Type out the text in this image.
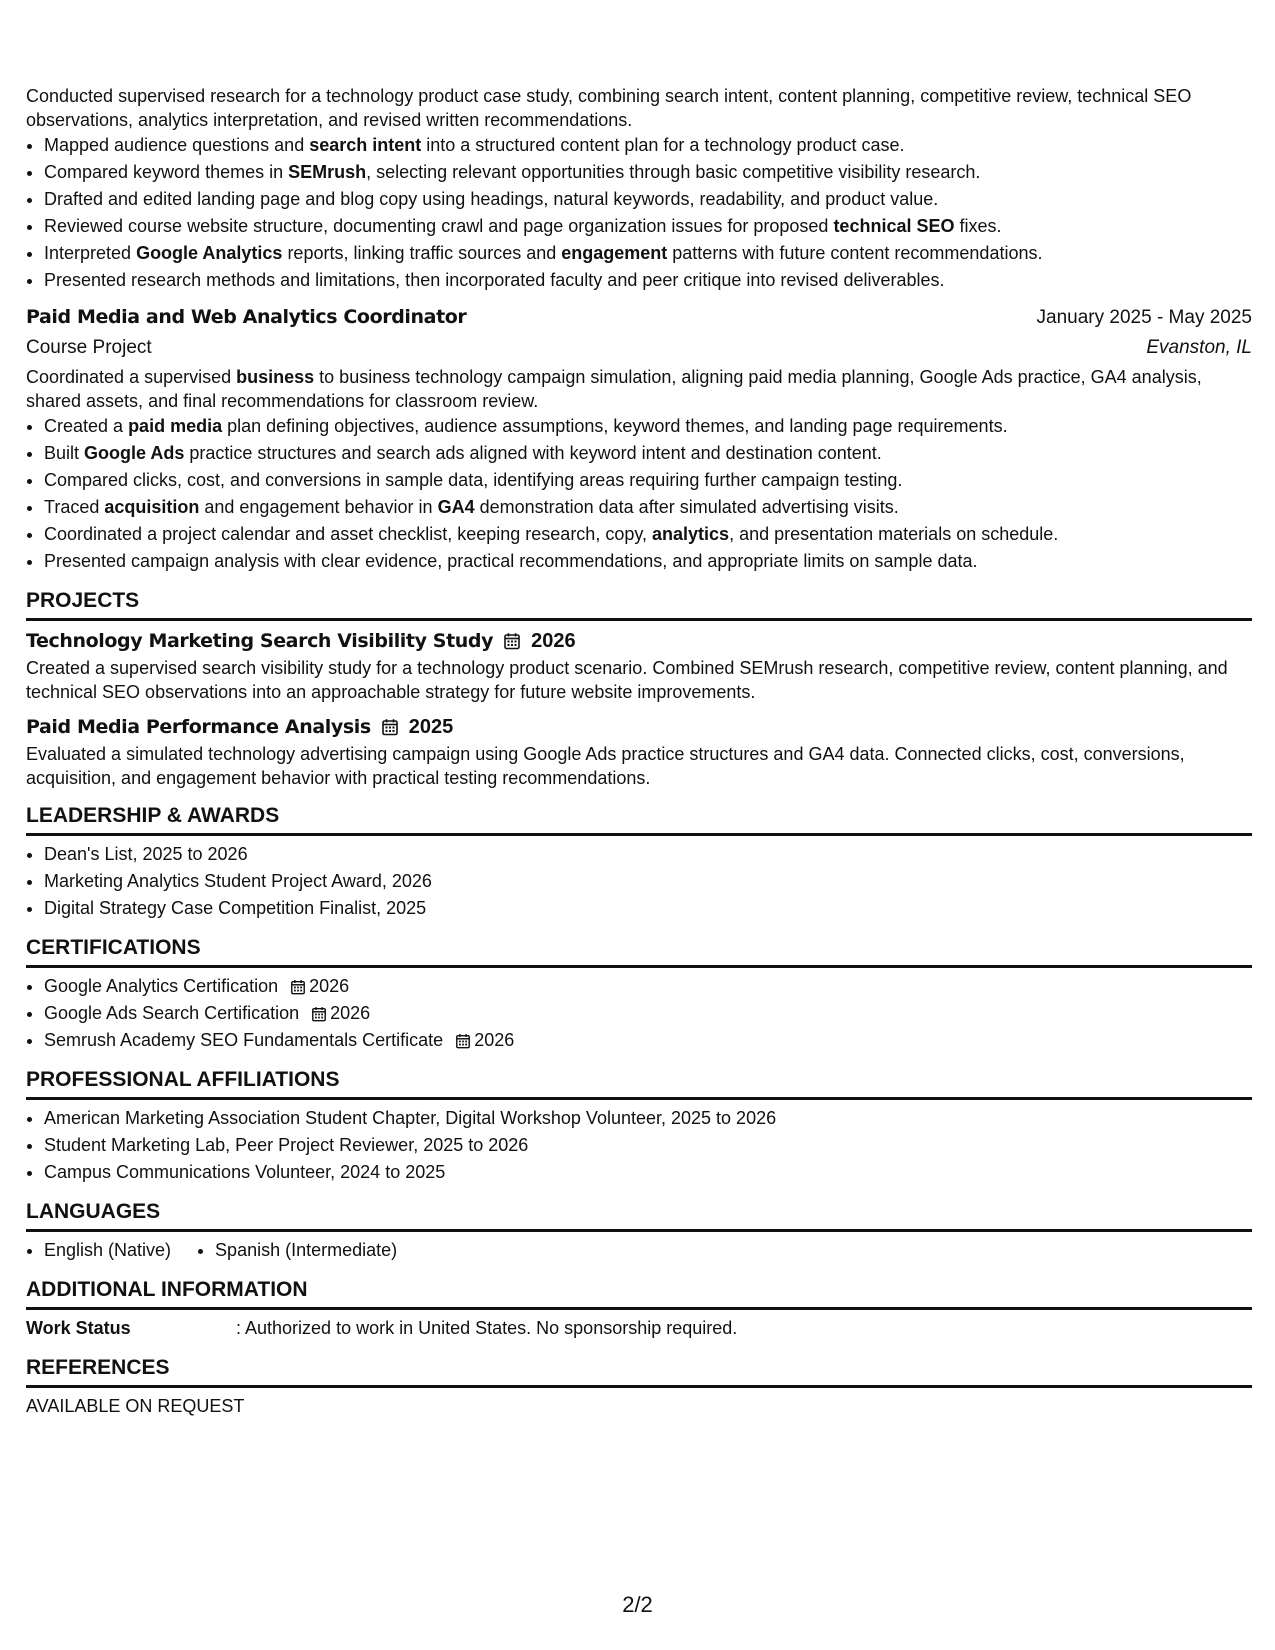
Conducted supervised research for a technology product case study, combining search intent, content planning, competitive review, technical SEO observations, analytics interpretation, and revised written recommendations.

• Mapped audience questions and search intent into a structured content plan for a technology product case.
• Compared keyword themes in SEMrush, selecting relevant opportunities through basic competitive visibility research.
• Drafted and edited landing page and blog copy using headings, natural keywords, readability, and product value.
• Reviewed course website structure, documenting crawl and page organization issues for proposed technical SEO fixes.
• Interpreted Google Analytics reports, linking traffic sources and engagement patterns with future content recommendations.
• Presented research methods and limitations, then incorporated faculty and peer critique into revised deliverables.
Paid Media and Web Analytics Coordinator	January 2025 - May 2025
Course Project	Evanston, IL

Coordinated a supervised business to business technology campaign simulation, aligning paid media planning, Google Ads practice, GA4 analysis, shared assets, and final recommendations for classroom review.

• Created a paid media plan defining objectives, audience assumptions, keyword themes, and landing page requirements.
• Built Google Ads practice structures and search ads aligned with keyword intent and destination content.
• Compared clicks, cost, and conversions in sample data, identifying areas requiring further campaign testing.
• Traced acquisition and engagement behavior in GA4 demonstration data after simulated advertising visits.
• Coordinated a project calendar and asset checklist, keeping research, copy, analytics, and presentation materials on schedule.
• Presented campaign analysis with clear evidence, practical recommendations, and appropriate limits on sample data.
PROJECTS
Technology Marketing Search Visibility Study 2026

Created a supervised search visibility study for a technology product scenario. Combined SEMrush research, competitive review, content planning, and technical SEO observations into an approachable strategy for future website improvements.

Paid Media Performance Analysis 2025

Evaluated a simulated technology advertising campaign using Google Ads practice structures and GA4 data. Connected clicks, cost, conversions, acquisition, and engagement behavior with practical testing recommendations.

LEADERSHIP & AWARDS
• Dean's List, 2025 to 2026
• Marketing Analytics Student Project Award, 2026
• Digital Strategy Case Competition Finalist, 2025
CERTIFICATIONS
• Google Analytics Certification 2026
• Google Ads Search Certification 2026
• Semrush Academy SEO Fundamentals Certificate 2026
PROFESSIONAL AFFILIATIONS
• American Marketing Association Student Chapter, Digital Workshop Volunteer, 2025 to 2026
• Student Marketing Lab, Peer Project Reviewer, 2025 to 2026
• Campus Communications Volunteer, 2024 to 2025
LANGUAGES
• English (Native)
• Spanish (Intermediate)
ADDITIONAL INFORMATION
Work Status	: Authorized to work in United States. No sponsorship required.
REFERENCES
AVAILABLE ON REQUEST
2/2
